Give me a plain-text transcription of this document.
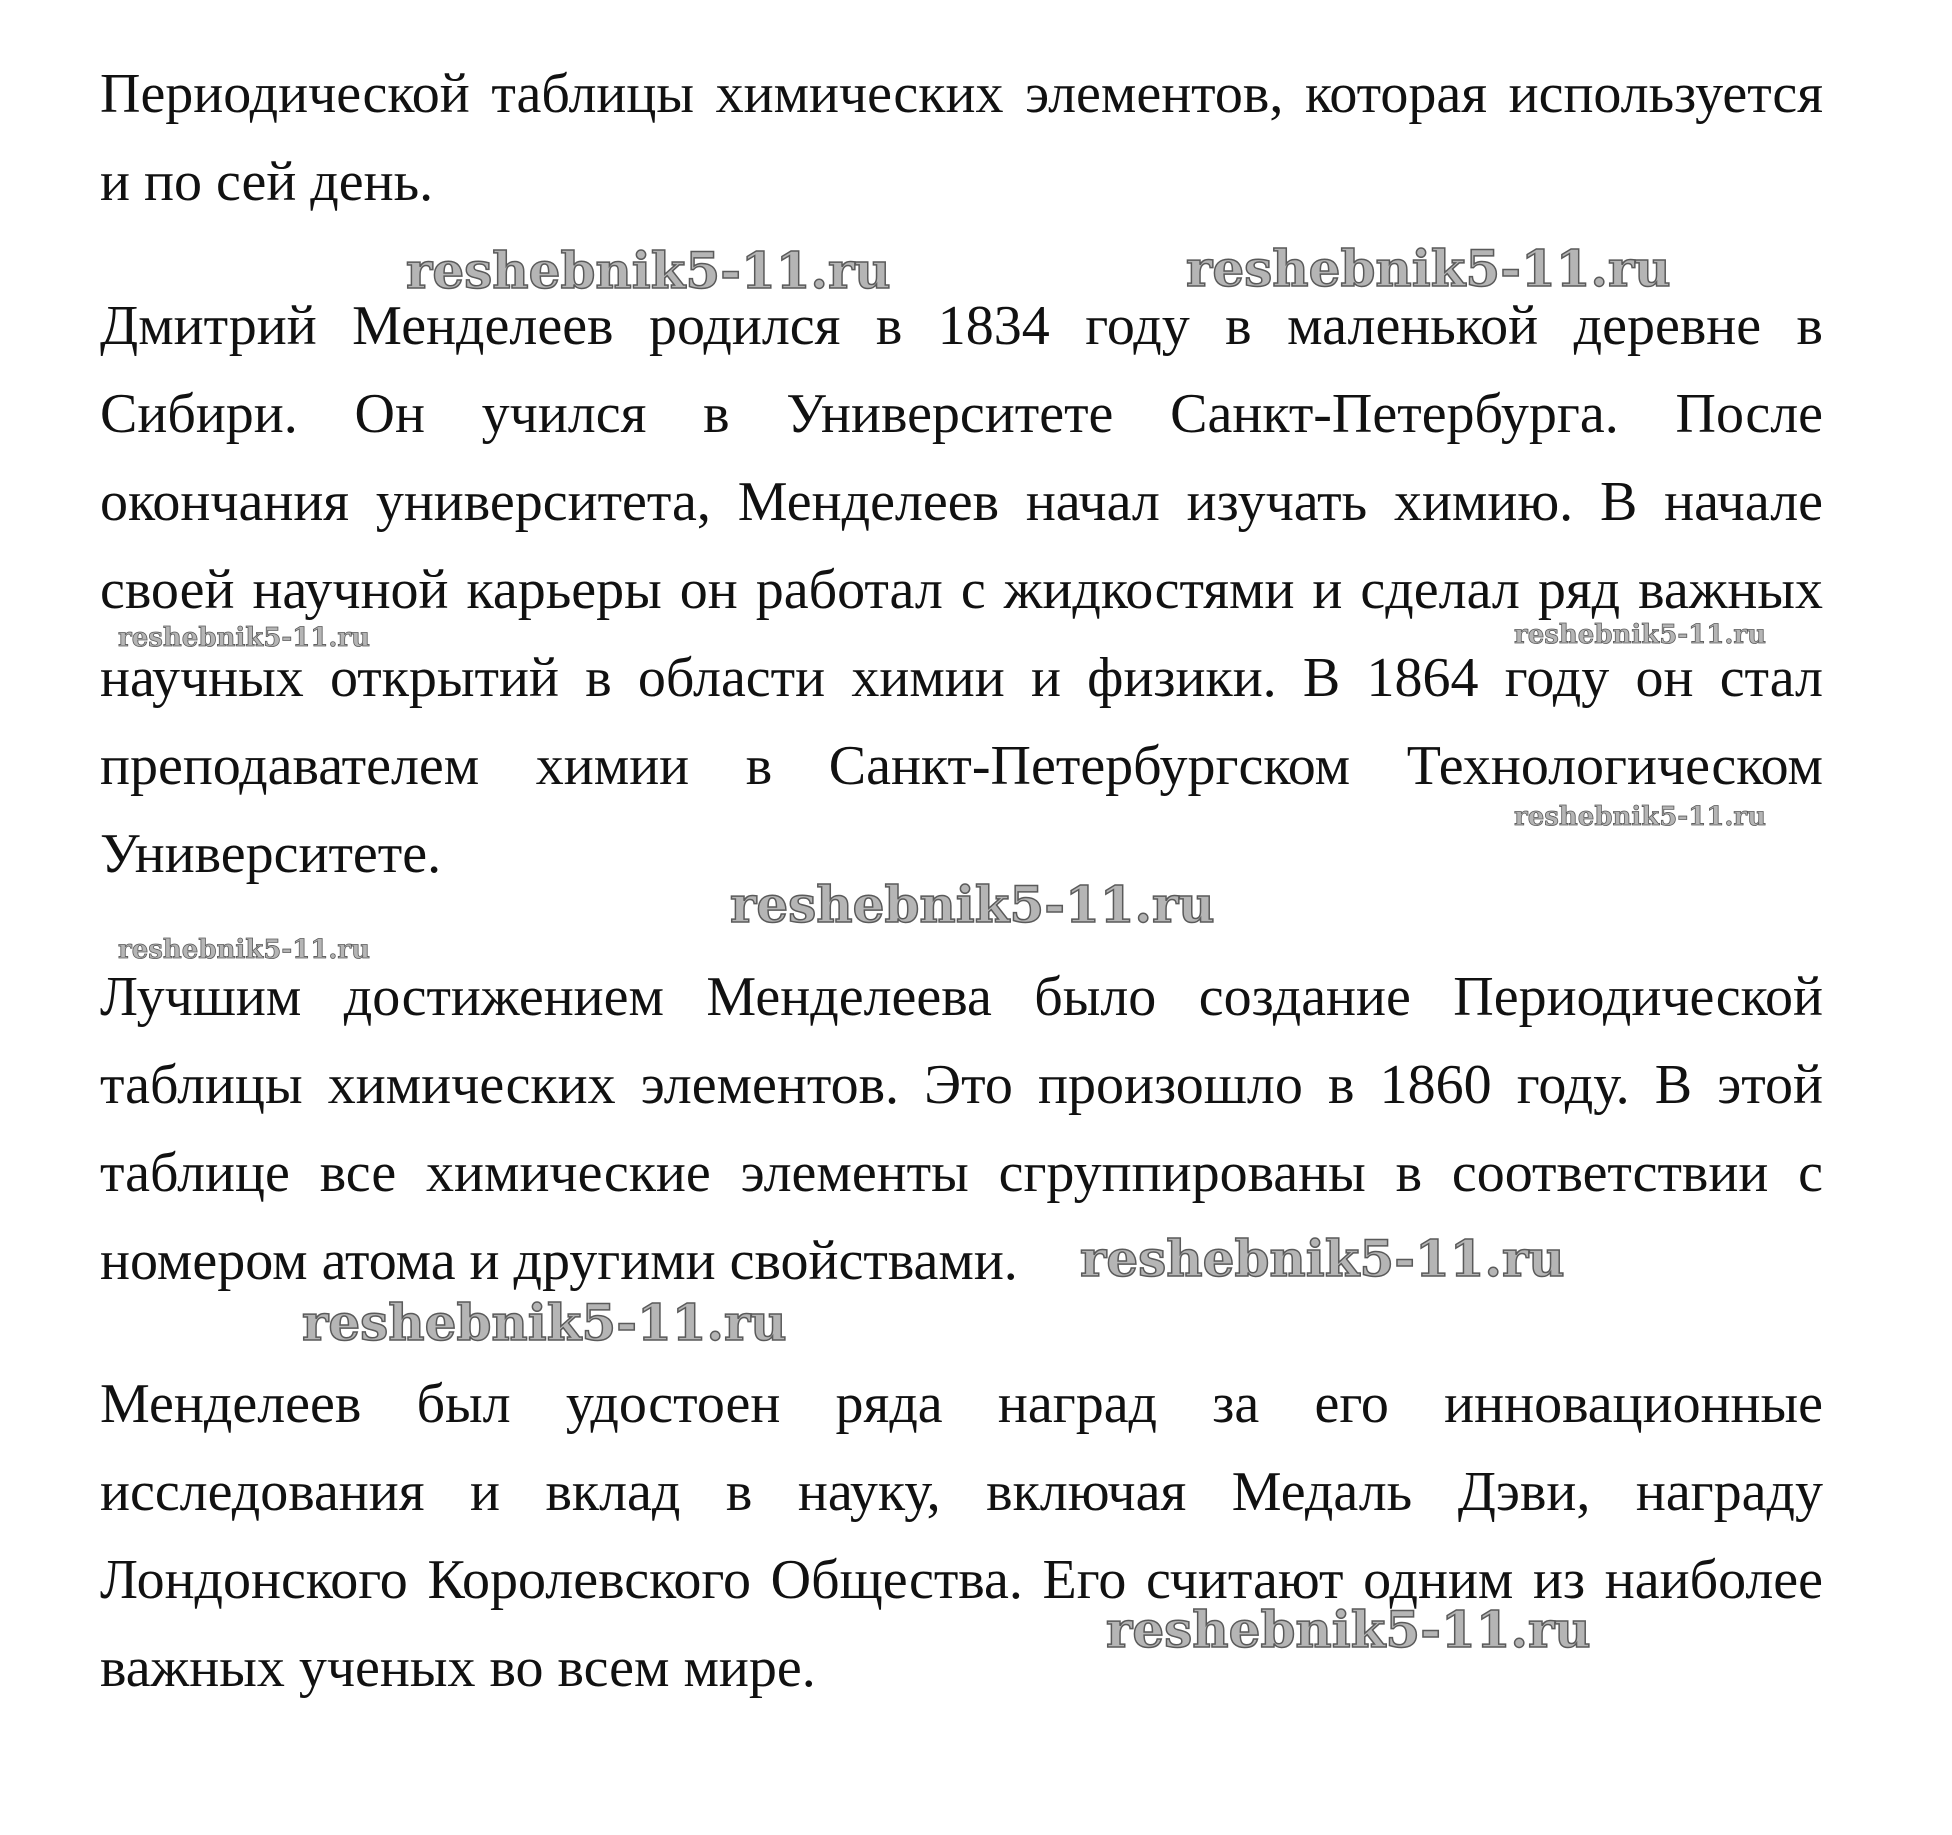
Периодической таблицы химических элементов, которая используется и по сей день.

Дмитрий Менделеев родился в 1834 году в маленькой деревне в Сибири. Он учился в Университете Санкт-Петербурга. После окончания университета, Менделеев начал изучать химию. В начале своей научной карьеры он работал с жидкостями и сделал ряд важных научных открытий в области химии и физики. В 1864 году он стал преподавателем химии в Санкт-Петербургском Технологическом Университете.

Лучшим достижением Менделеева было создание Периодической таблицы химических элементов. Это произошло в 1860 году. В этой таблице все химические элементы сгруппированы в соответствии с номером атома и другими свойствами.

Менделеев был удостоен ряда наград за его инновационные исследования и вклад в науку, включая Медаль Дэви, награду Лондонского Королевского Общества. Его считают одним из наиболее важных ученых во всем мире.

reshebnik5-11.ru	reshebnik5-11.ru
reshebnik5-11.ru	reshebnik5-11.ru
reshebnik5-11.ru
reshebnik5-11.ru
reshebnik5-11.ru
reshebnik5-11.ru
reshebnik5-11.ru
reshebnik5-11.ru
